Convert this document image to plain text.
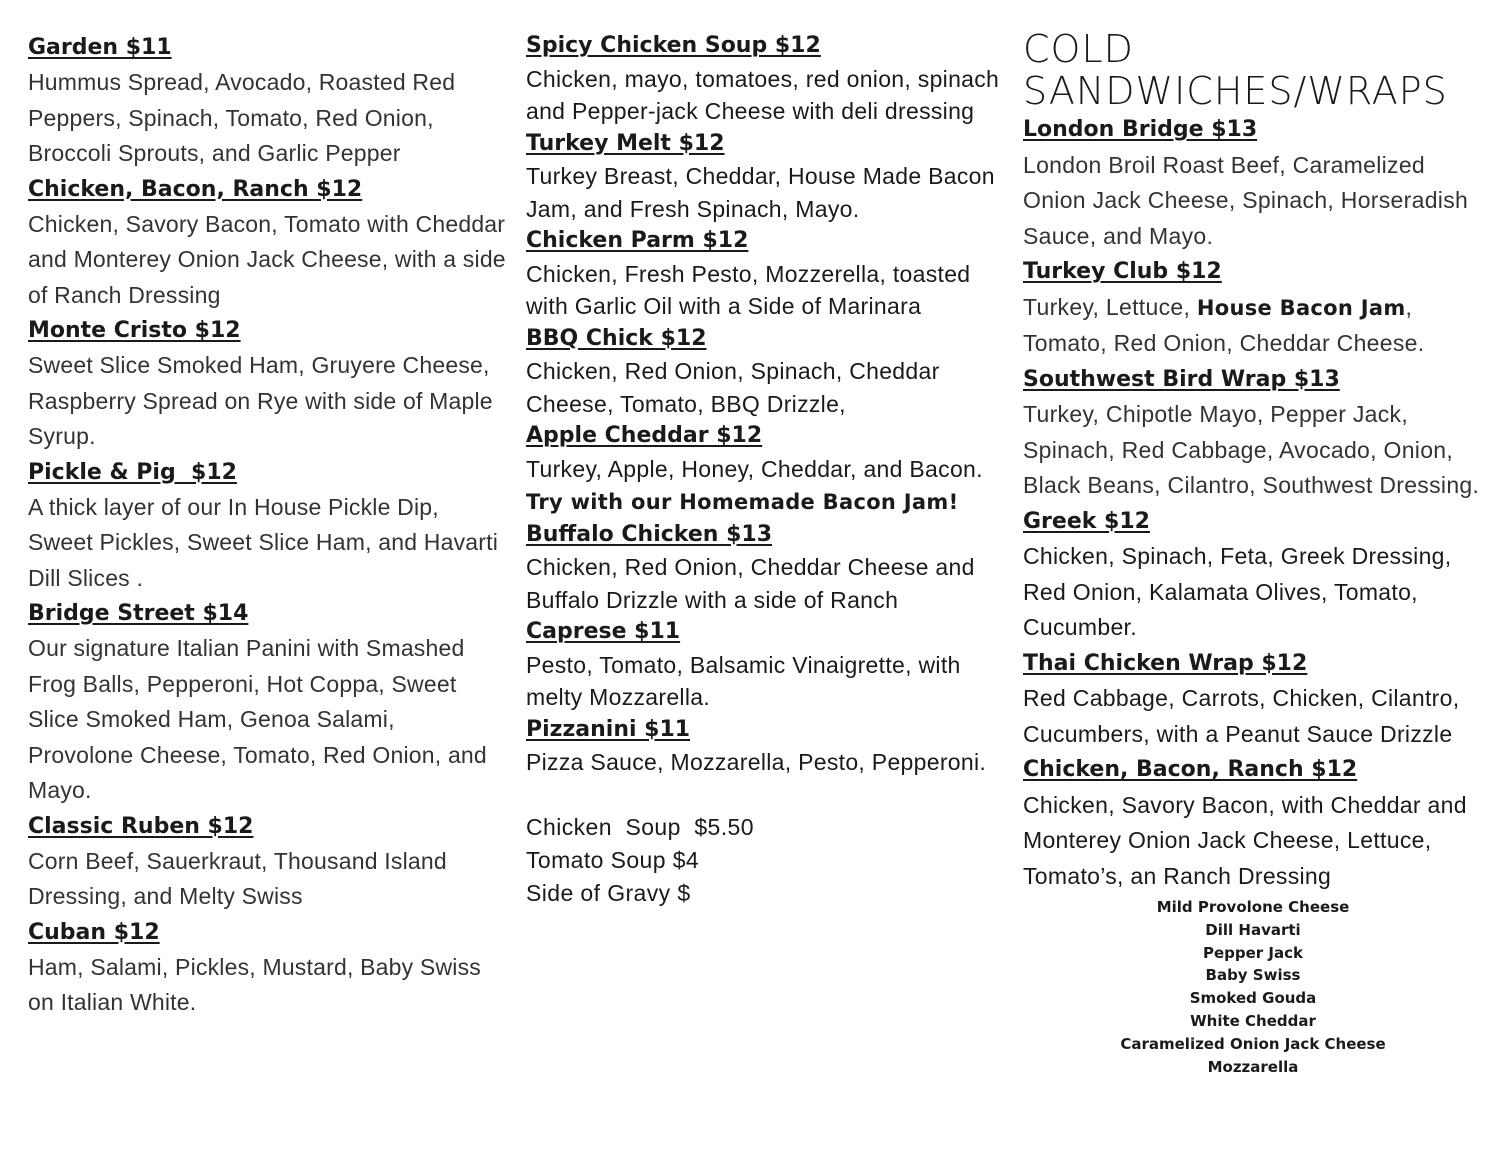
Garden $11
Hummus Spread, Avocado, Roasted Red Peppers, Spinach, Tomato, Red Onion, Broccoli Sprouts, and Garlic Pepper
Chicken, Bacon, Ranch $12
Chicken, Savory Bacon, Tomato with Cheddar and Monterey Onion Jack Cheese, with a side of Ranch Dressing
Monte Cristo $12
Sweet Slice Smoked Ham, Gruyere Cheese, Raspberry Spread on Rye with side of Maple Syrup.
Pickle & Pig  $12
A thick layer of our In House Pickle Dip, Sweet Pickles, Sweet Slice Ham, and Havarti Dill Slices .
Bridge Street $14
Our signature Italian Panini with Smashed Frog Balls, Pepperoni, Hot Coppa, Sweet Slice Smoked Ham, Genoa Salami, Provolone Cheese, Tomato, Red Onion, and Mayo.
Classic Ruben $12
Corn Beef, Sauerkraut, Thousand Island Dressing, and Melty Swiss
Cuban $12
Ham, Salami, Pickles, Mustard, Baby Swiss on Italian White.
Spicy Chicken Soup $12
Chicken, mayo, tomatoes, red onion, spinach and Pepper-jack Cheese with deli dressing
Turkey Melt $12
Turkey Breast, Cheddar, House Made Bacon Jam, and Fresh Spinach, Mayo.
Chicken Parm $12
Chicken, Fresh Pesto, Mozzerella, toasted with Garlic Oil with a Side of Marinara
BBQ Chick $12
Chicken, Red Onion, Spinach, Cheddar Cheese, Tomato, BBQ Drizzle,
Apple Cheddar $12
Turkey, Apple, Honey, Cheddar, and Bacon. Try with our Homemade Bacon Jam!
Buffalo Chicken $13
Chicken, Red Onion, Cheddar Cheese and Buffalo Drizzle with a side of Ranch
Caprese $11
Pesto, Tomato, Balsamic Vinaigrette, with melty Mozzarella.
Pizzanini $11
Pizza Sauce, Mozzarella, Pesto, Pepperoni.
Chicken  Soup  $5.50
Tomato Soup $4
Side of Gravy $
COLD
SANDWICHES/WRAPS
London Bridge $13
London Broil Roast Beef, Caramelized Onion Jack Cheese, Spinach, Horseradish Sauce, and Mayo.
Turkey Club $12
Turkey, Lettuce, House Bacon Jam, Tomato, Red Onion, Cheddar Cheese.
Southwest Bird Wrap $13
Turkey, Chipotle Mayo, Pepper Jack, Spinach, Red Cabbage, Avocado, Onion, Black Beans, Cilantro, Southwest Dressing.
Greek $12
Chicken, Spinach, Feta, Greek Dressing, Red Onion, Kalamata Olives, Tomato, Cucumber.
Thai Chicken Wrap $12
Red Cabbage, Carrots, Chicken, Cilantro, Cucumbers, with a Peanut Sauce Drizzle
Chicken, Bacon, Ranch $12
Chicken, Savory Bacon, with Cheddar and Monterey Onion Jack Cheese, Lettuce, Tomato’s, an Ranch Dressing
Mild Provolone Cheese
Dill Havarti
Pepper Jack
Baby Swiss
Smoked Gouda
White Cheddar
Caramelized Onion Jack Cheese
Mozzarella
